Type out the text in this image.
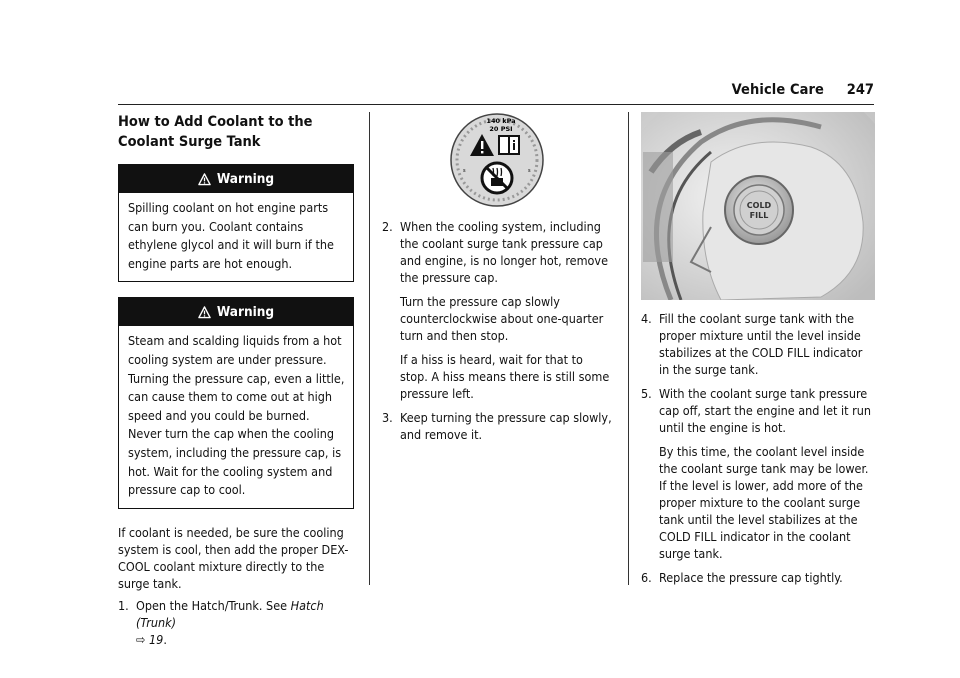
Vehicle Care 247
How to Add Coolant to the Coolant Surge Tank
Warning
Spilling coolant on hot engine parts can burn you. Coolant contains ethylene glycol and it will burn if the engine parts are hot enough.
Warning
Steam and scalding liquids from a hot cooling system are under pressure. Turning the pressure cap, even a little, can cause them to come out at high speed and you could be burned. Never turn the cap when the cooling system, including the pressure cap, is hot. Wait for the cooling system and pressure cap to cool.

If coolant is needed, be sure the cooling system is cool, then add the proper DEX-COOL coolant mixture directly to the surge tank.

1. Open the Hatch/Trunk. See Hatch (Trunk)
⇨ 19.
140 kPa
20 PSI
s	s
2. When the cooling system, including the coolant surge tank pressure cap and engine, is no longer hot, remove the pressure cap.

Turn the pressure cap slowly counterclockwise about one-quarter turn and then stop.

If a hiss is heard, wait for that to stop. A hiss means there is still some pressure left.

3. Keep turning the pressure cap slowly, and remove it.
COLD
FILL
4. Fill the coolant surge tank with the proper mixture until the level inside stabilizes at the COLD FILL indicator in the surge tank.
5. With the coolant surge tank pressure cap off, start the engine and let it run until the engine is hot.

By this time, the coolant level inside the coolant surge tank may be lower. If the level is lower, add more of the proper mixture to the coolant surge tank until the level stabilizes at the COLD FILL indicator in the coolant surge tank.

6. Replace the pressure cap tightly.
